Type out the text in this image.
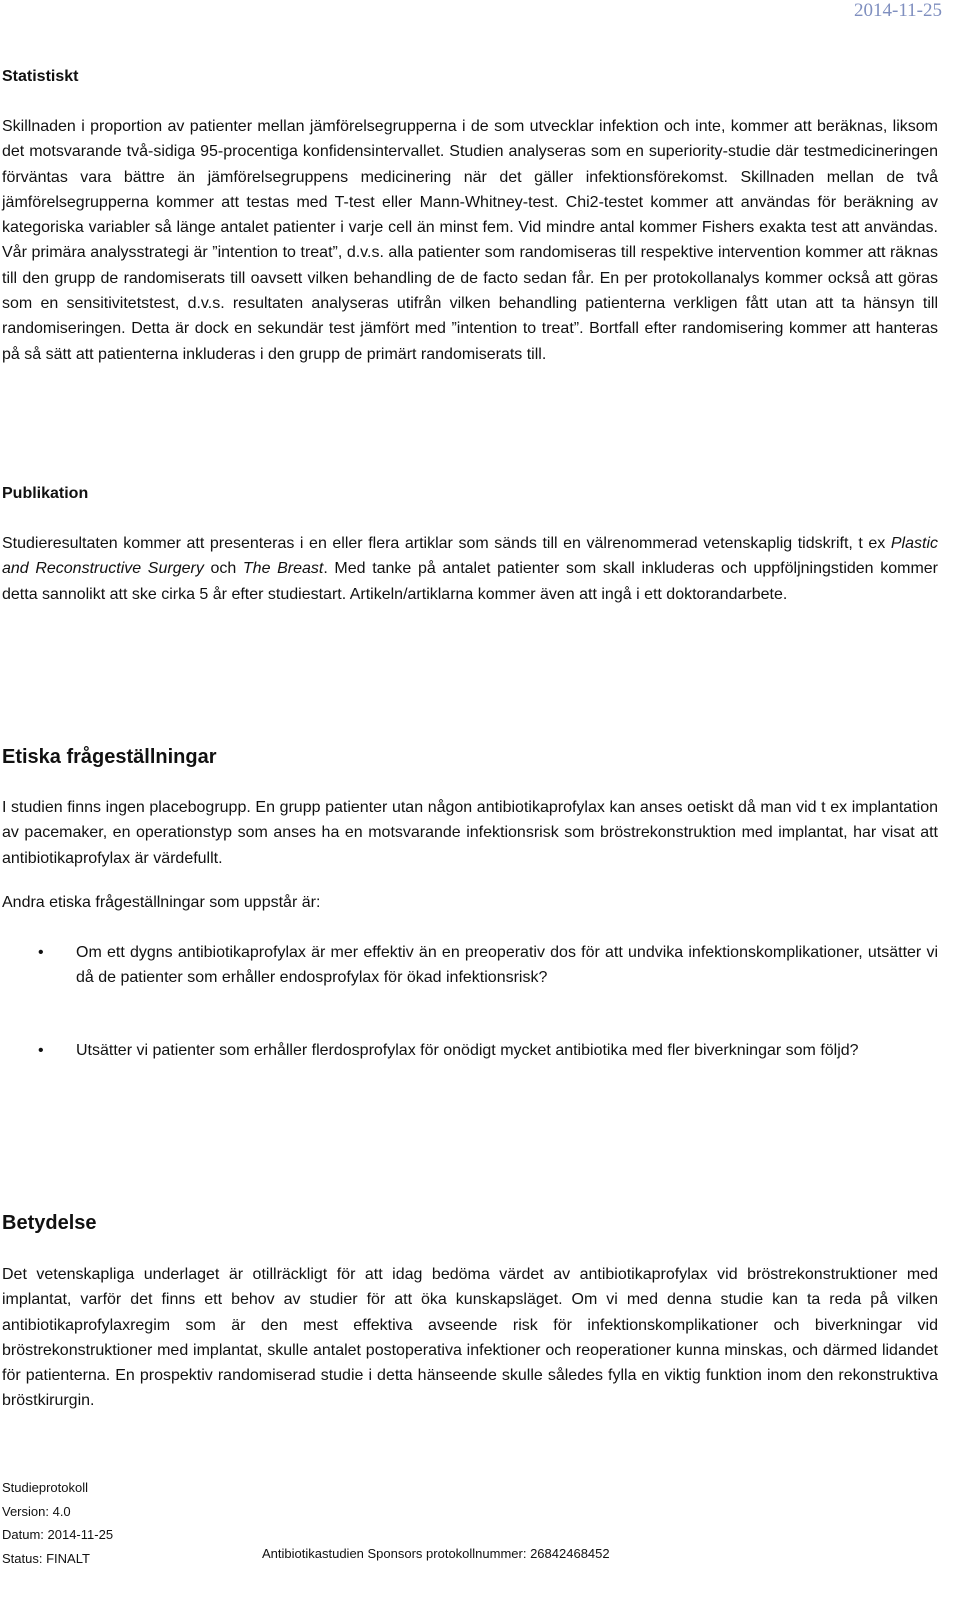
2014-11-25
Statistiskt

Skillnaden i proportion av patienter mellan jämförelsegrupperna i de som utvecklar infektion och inte, kommer att beräknas, liksom det motsvarande två-sidiga 95-procentiga konfidensintervallet. Studien analyseras som en superiority-studie där testmedicineringen förväntas vara bättre än jämförelsegruppens medicinering när det gäller infektionsförekomst. Skillnaden mellan de två jämförelsegrupperna kommer att testas med T-test eller Mann-Whitney-test. Chi2-testet kommer att användas för beräkning av kategoriska variabler så länge antalet patienter i varje cell än minst fem. Vid mindre antal kommer Fishers exakta test att användas. Vår primära analysstrategi är ”intention to treat”, d.v.s. alla patienter som randomiseras till respektive intervention kommer att räknas till den grupp de randomiserats till oavsett vilken behandling de de facto sedan får. En per protokollanalys kommer också att göras som en sensitivitetstest, d.v.s. resultaten analyseras utifrån vilken behandling patienterna verkligen fått utan att ta hänsyn till randomiseringen. Detta är dock en sekundär test jämfört med ”intention to treat”. Bortfall efter randomisering kommer att hanteras på så sätt att patienterna inkluderas i den grupp de primärt randomiserats till.

Publikation

Studieresultaten kommer att presenteras i en eller flera artiklar som sänds till en välrenommerad vetenskaplig tidskrift, t ex Plastic and Reconstructive Surgery och The Breast. Med tanke på antalet patienter som skall inkluderas och uppföljningstiden kommer detta sannolikt att ske cirka 5 år efter studiestart. Artikeln/artiklarna kommer även att ingå i ett doktorandarbete.

Etiska frågeställningar

I studien finns ingen placebogrupp. En grupp patienter utan någon antibiotikaprofylax kan anses oetiskt då man vid t ex implantation av pacemaker, en operationstyp som anses ha en motsvarande infektionsrisk som bröstrekonstruktion med implantat, har visat att antibiotikaprofylax är värdefullt.

Andra etiska frågeställningar som uppstår är:

• Om ett dygns antibiotikaprofylax är mer effektiv än en preoperativ dos för att undvika infektionskomplikationer, utsätter vi då de patienter som erhåller endosprofylax för ökad infektionsrisk?

• Utsätter vi patienter som erhåller flerdosprofylax för onödigt mycket antibiotika med fler biverkningar som följd?

Betydelse

Det vetenskapliga underlaget är otillräckligt för att idag bedöma värdet av antibiotikaprofylax vid bröstrekonstruktioner med implantat, varför det finns ett behov av studier för att öka kunskapsläget. Om vi med denna studie kan ta reda på vilken antibiotikaprofylaxregim som är den mest effektiva avseende risk för infektionskomplikationer och biverkningar vid bröstrekonstruktioner med implantat, skulle antalet postoperativa infektioner och reoperationer kunna minskas, och därmed lidandet för patienterna. En prospektiv randomiserad studie i detta hänseende skulle således fylla en viktig funktion inom den rekonstruktiva bröstkirurgin.

Studieprotokoll
Version: 4.0
Datum: 2014-11-25
Status: FINALT	Antibiotikastudien Sponsors protokollnummer: 26842468452
